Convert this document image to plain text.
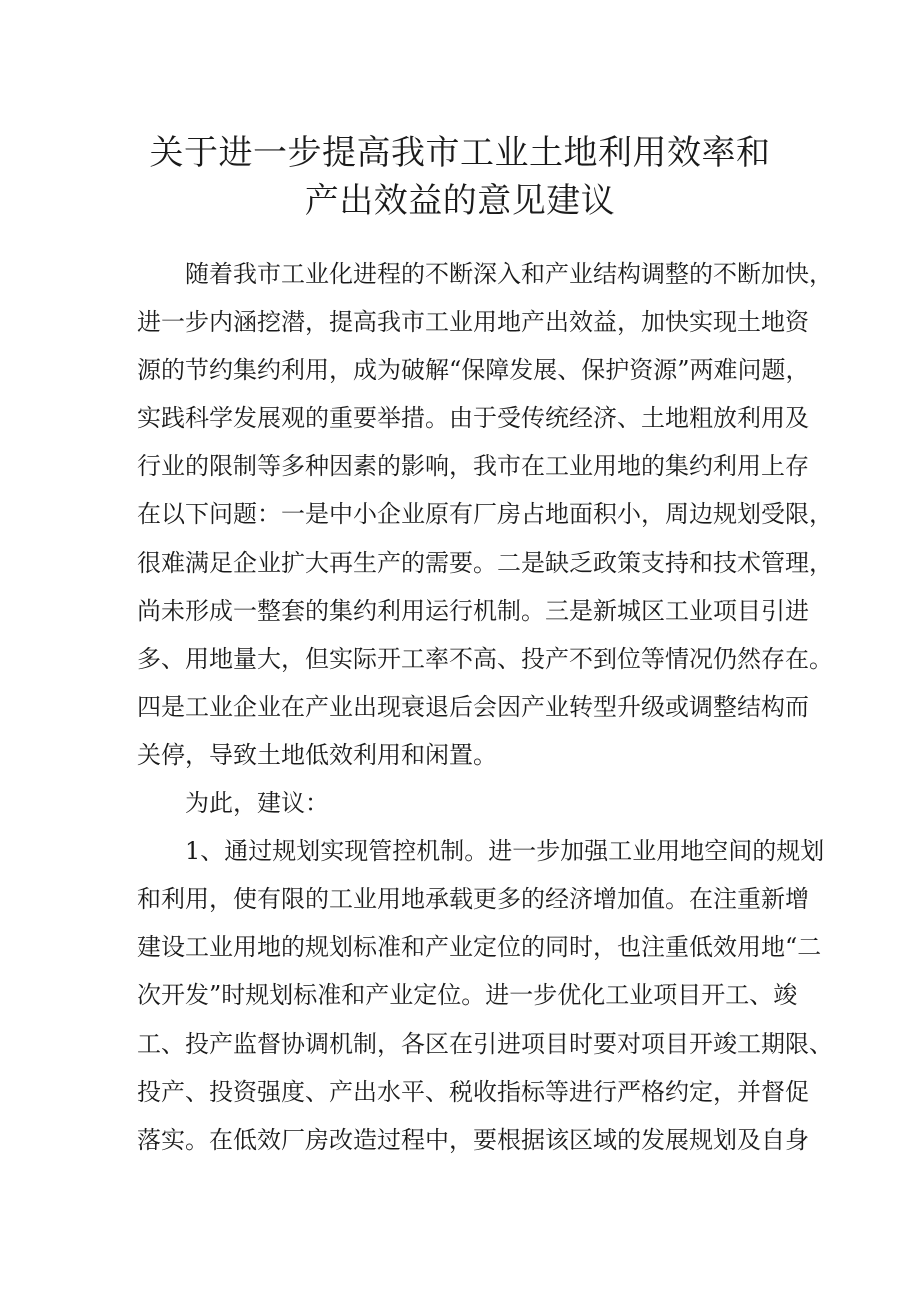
关于进一步提高我市工业土地利用效率和
产出效益的意见建议
随着我市工业化进程的不断深入和产业结构调整的不断加快，
进一步内涵挖潜，提高我市工业用地产出效益，加快实现土地资
源的节约集约利用，成为破解“保障发展、保护资源”两难问题，
实践科学发展观的重要举措。由于受传统经济、土地粗放利用及
行业的限制等多种因素的影响，我市在工业用地的集约利用上存
在以下问题：一是中小企业原有厂房占地面积小，周边规划受限，
很难满足企业扩大再生产的需要。二是缺乏政策支持和技术管理，
尚未形成一整套的集约利用运行机制。三是新城区工业项目引进
多、用地量大，但实际开工率不高、投产不到位等情况仍然存在。
四是工业企业在产业出现衰退后会因产业转型升级或调整结构而
关停，导致土地低效利用和闲置。
为此，建议：
1、通过规划实现管控机制。进一步加强工业用地空间的规划
和利用，使有限的工业用地承载更多的经济增加值。在注重新增
建设工业用地的规划标准和产业定位的同时，也注重低效用地“二
次开发”时规划标准和产业定位。进一步优化工业项目开工、竣
工、投产监督协调机制，各区在引进项目时要对项目开竣工期限、
投产、投资强度、产出水平、税收指标等进行严格约定，并督促
落实。在低效厂房改造过程中，要根据该区域的发展规划及自身
